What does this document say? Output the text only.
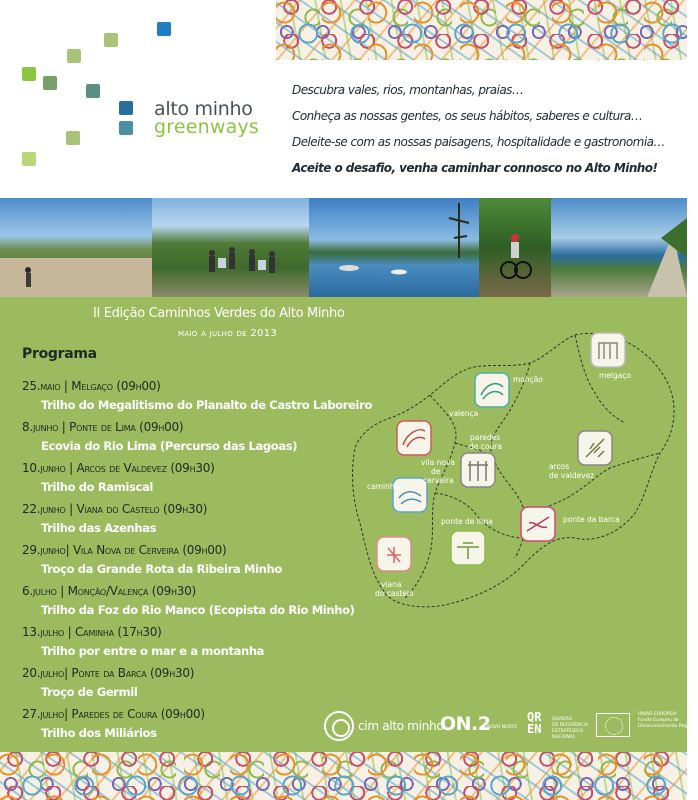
alto minho
greenways
Descubra vales, rios, montanhas, praias…
Conheça as nossas gentes, os seus hábitos, saberes e cultura…
Deleite-se com as nossas paisagens, hospitalidade e gastronomia…
Aceite o desafio, venha caminhar connosco no Alto Minho!
II Edição Caminhos Verdes do Alto Minho
maio a julho de 2013
Programa
25.maio | Melgaço (09h00)
Trilho do Megalitismo do Planalto de Castro Laboreiro
8.junho | Ponte de Lima (09h00)
Ecovia do Rio Lima (Percurso das Lagoas)
10.junho | Arcos de Valdevez (09h30)
Trilho do Ramiscal
22.junho | Viana do Castelo (09h30)
Trilho das Azenhas
29.junho| Vila Nova de Cerveira (09h00)
Troço da Grande Rota da Ribeira Minho
6.julho | Monção/Valença (09h30)
Trilho da Foz do Rio Manco (Ecopista do Rio Minho)
13.julho | Caminha (17h30)
Trilho por entre o mar e a montanha
20.julho| Ponte da Barca (09h30)
Troço de Germil
27.julho| Paredes de Coura (09h00)
Trilho dos Miliários
melgaço
monção
valença
paredes
de coura
vila nova
de
cerveira
caminha
arcos
de valdevez
ponte de lima	ponte da barca
viana
do castelo
cim alto minho
ON.2
O NOVO NORTE
QR
EN
QUADRO
DE REFERÊNCIA
ESTRATÉGICO
NACIONAL
UNIÃO EUROPEIA
Fundo Europeu de
Desenvolvimento Regional
